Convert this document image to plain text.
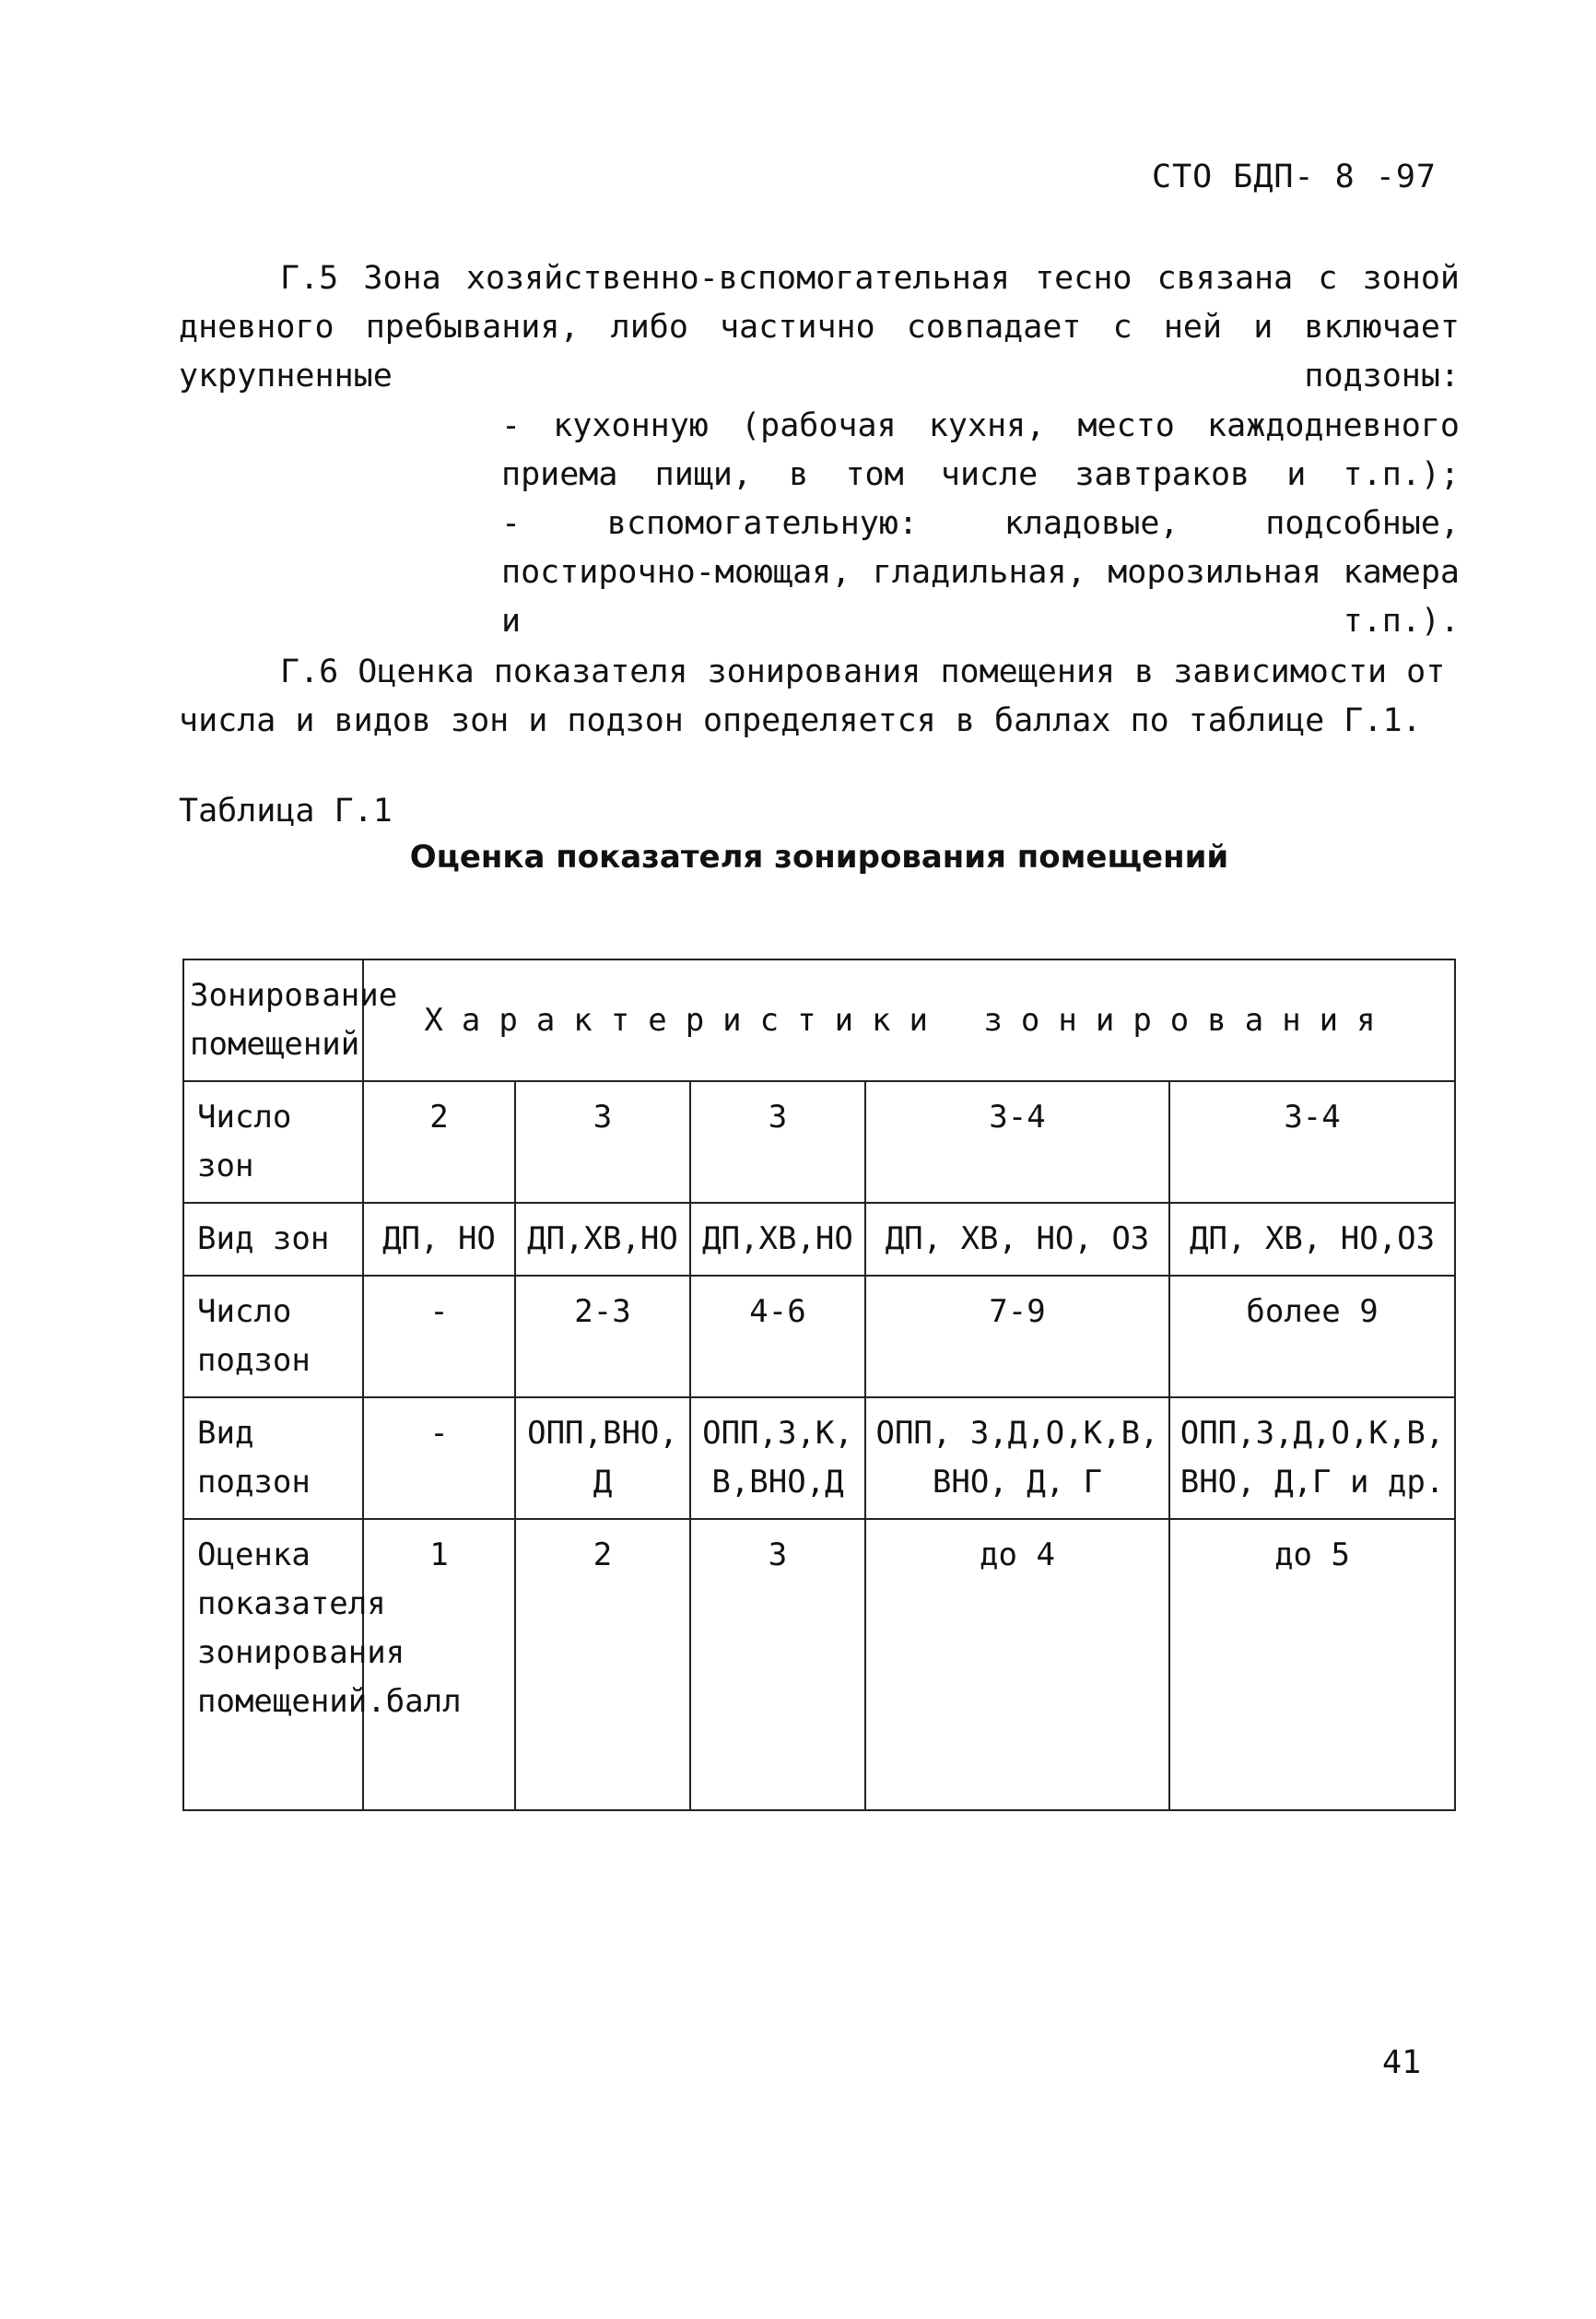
СТО БДП- 8 -97

Г.5 Зона хозяйственно-вспомогательная тесно связана с зоной дневного пребывания, либо частично совпадает с ней и включает укрупненные подзоны:

- кухонную (рабочая кухня, место каждодневного приема пищи, в том числе завтраков и т.п.);

- вспомогательную: кладовые, подсобные, постирочно-моющая, гладильная, морозильная камера и т.п.).

Г.6 Оценка показателя зонирования помещения в зависимости от числа и видов зон и подзон определяется в баллах по таблице Г.1.

Таблица Г.1
Оценка показателя зонирования помещений
Зонирование помещений	Характеристики зонирования				
Число зон	2	3	3	3-4	3-4
Вид зон	ДП, НО	ДП,ХВ,НО	ДП,ХВ,НО	ДП, ХВ, НО, ОЗ	ДП, ХВ, НО,ОЗ
Число подзон	-	2-3	4-6	7-9	более 9
Вид подзон	-	ОПП,ВНО, Д	ОПП,З,К, В,ВНО,Д	ОПП, З,Д,О,К,В, ВНО, Д, Г	ОПП,З,Д,О,К,В, ВНО, Д,Г и др.
Оценка показателя зонирования помещений.балл	1	2	3	до 4	до 5
41
